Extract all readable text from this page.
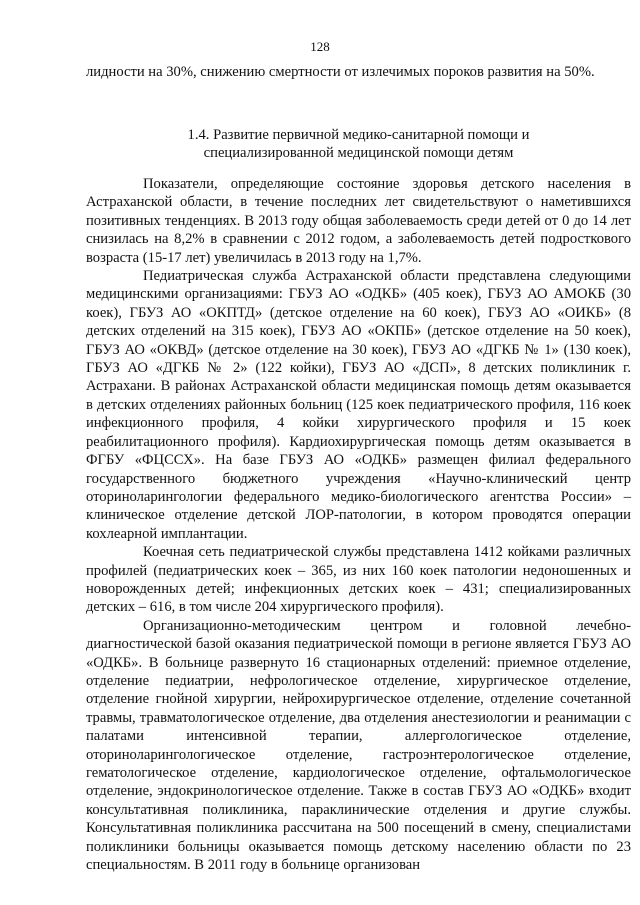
128

лидности на 30%, снижению смертности от излечимых пороков развития на 50%.

1.4. Развитие первичной медико-санитарной помощи и
специализированной медицинской помощи детям

Показатели, определяющие состояние здоровья детского населения в Астраханской области, в течение последних лет свидетельствуют о наметившихся позитивных тенденциях. В 2013 году общая заболеваемость среди детей от 0 до 14 лет снизилась на 8,2% в сравнении с 2012 годом, а заболеваемость детей подросткового возраста (15-17 лет) увеличилась в 2013 году на 1,7%.

Педиатрическая служба Астраханской области представлена следующими медицинскими организациями: ГБУЗ АО «ОДКБ» (405 коек), ГБУЗ АО АМОКБ (30 коек), ГБУЗ АО «ОКПТД» (детское отделение на 60 коек), ГБУЗ АО «ОИКБ» (8 детских отделений на 315 коек), ГБУЗ АО «ОКПБ» (детское отделение на 50 коек), ГБУЗ АО «ОКВД» (детское отделение на 30 коек), ГБУЗ АО «ДГКБ № 1» (130 коек), ГБУЗ АО «ДГКБ № 2» (122 койки), ГБУЗ АО «ДСП», 8 детских поликлиник г. Астрахани. В районах Астраханской области медицинская помощь детям оказывается в детских отделениях районных больниц (125 коек педиатрического профиля, 116 коек инфекционного профиля, 4 койки хирургического профиля и 15 коек реабилитационного профиля). Кардиохирургическая помощь детям оказывается в ФГБУ «ФЦССХ». На базе ГБУЗ АО «ОДКБ» размещен филиал федерального государственного бюджетного учреждения «Научно-клинический центр оториноларингологии федерального медико-биологического агентства России» – клиническое отделение детской ЛОР-патологии, в котором проводятся операции кохлеарной имплантации.

Коечная сеть педиатрической службы представлена 1412 койками различных профилей (педиатрических коек – 365, из них 160 коек патологии недоношенных и новорожденных детей; инфекционных детских коек – 431; специализированных детских – 616, в том числе 204 хирургического профиля).

Организационно-методическим центром и головной лечебно-диагностической базой оказания педиатрической помощи в регионе является ГБУЗ АО «ОДКБ». В больнице развернуто 16 стационарных отделений: приемное отделение, отделение педиатрии, нефрологическое отделение, хирургическое отделение, отделение гнойной хирургии, нейрохирургическое отделение, отделение сочетанной травмы, травматологическое отделение, два отделения анестезиологии и реанимации с палатами интенсивной терапии, аллергологическое отделение, оториноларингологическое отделение, гастроэнтерологическое отделение, гематологическое отделение, кардиологическое отделение, офтальмологическое отделение, эндокринологическое отделение. Также в состав ГБУЗ АО «ОДКБ» входит консультативная поликлиника, параклинические отделения и другие службы. Консультативная поликлиника рассчитана на 500 посещений в смену, специалистами поликлиники больницы оказывается помощь детскому населению области по 23 специальностям. В 2011 году в больнице организован
